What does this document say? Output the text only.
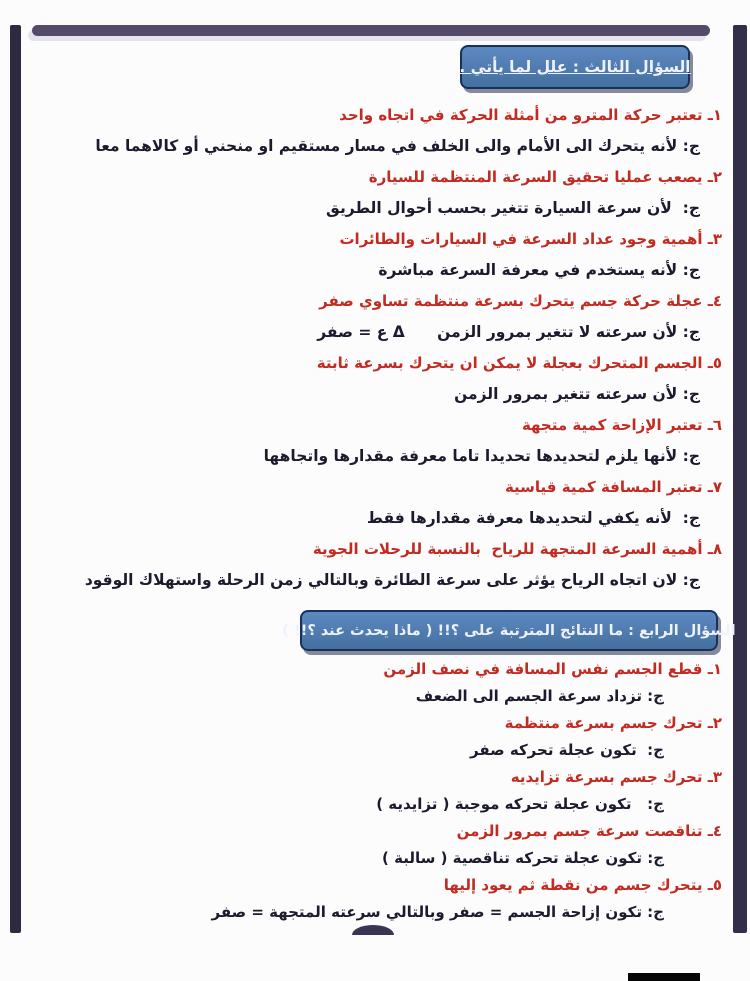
السؤال الثالث : علل لما يأتي .
١ـ تعتبر حركة المترو من أمثلة الحركة في اتجاه واحد
ج: لأنه يتحرك الى الأمام والى الخلف في مسار مستقيم او منحني أو كالاهما معا
٢ـ يصعب عمليا تحقيق السرعة المنتظمة للسيارة
ج:  لأن سرعة السيارة تتغير بحسب أحوال الطريق
٣ـ أهمية وجود عداد السرعة في السيارات والطائرات
ج: لأنه يستخدم في معرفة السرعة مباشرة
٤ـ عجلة حركة جسم يتحرك بسرعة منتظمة تساوي صفر
ج: لأن سرعته لا تتغير بمرور الزمن      Δ ع = صفر
٥ـ الجسم المتحرك بعجلة لا يمكن ان يتحرك بسرعة ثابتة
ج: لأن سرعته تتغير بمرور الزمن
٦ـ تعتبر الإزاحة كمية متجهة
ج: لأنها يلزم لتحديدها تحديدا تاما معرفة مقدارها واتجاهها
٧ـ تعتبر المسافة كمية قياسية
ج:  لأنه يكفي لتحديدها معرفة مقدارها فقط
٨ـ أهمية السرعة المتجهة للرياح  بالنسبة للرحلات الجوية
ج: لان اتجاه الرياح يؤثر على سرعة الطائرة وبالتالي زمن الرحلة واستهلاك الوقود
السؤال الرابع : ما النتائج المترتبة على ؟!! ( ماذا يحدث عند ؟!! )
١ـ قطع الجسم نفس المسافة في نصف الزمن
ج: تزداد سرعة الجسم الى الضعف
٢ـ تحرك جسم بسرعة منتظمة
ج:  تكون عجلة تحركه صفر
٣ـ تحرك جسم بسرعة تزايديه
ج:   تكون عجلة تحركه موجبة ( تزايديه )
٤ـ تناقصت سرعة جسم بمرور الزمن
ج: تكون عجلة تحركه تناقصية ( سالبة )
٥ـ يتحرك جسم من نقطة ثم يعود إليها
ج: تكون إزاحة الجسم = صفر وبالتالي سرعته المتجهة = صفر
